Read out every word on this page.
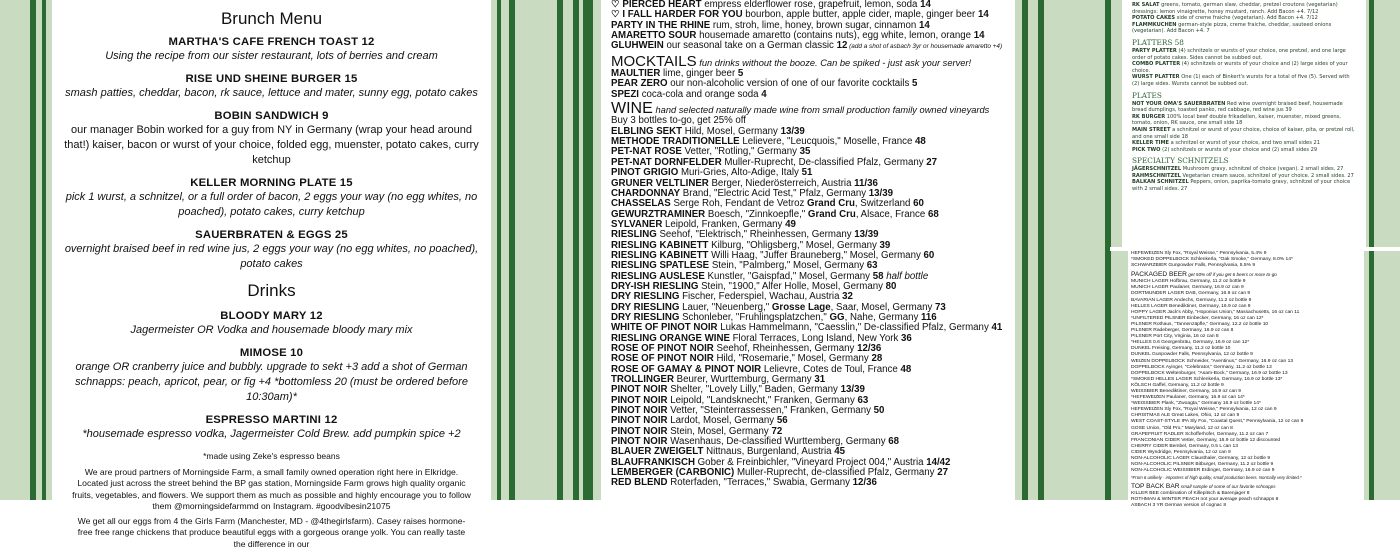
Brunch Menu
MARTHA'S CAFE FRENCH TOAST 12
Using the recipe from our sister restaurant, lots of berries and cream
RISE UND SHEINE BURGER 15
smash patties, cheddar, bacon, rk sauce, lettuce and mater, sunny egg, potato cakes
BOBIN SANDWICH 9
our manager Bobin worked for a guy from NY in Germany (wrap your head around that!) kaiser, bacon or wurst of your choice, folded egg, muenster, potato cakes, curry ketchup
KELLER MORNING PLATE 15
pick 1 wurst, a schnitzel, or a full order of bacon, 2 eggs your way (no egg whites, no poached), potato cakes, curry ketchup
SAUERBRATEN & EGGS 25
overnight braised beef in red wine jus, 2 eggs your way (no egg whites, no poached), potato cakes
Drinks
BLOODY MARY 12
Jagermeister OR Vodka and housemade bloody mary mix
MIMOSE 10
orange OR cranberry juice and bubbly. upgrade to sekt +3 add a shot of German schnapps: peach, apricot, pear, or fig +4 *bottomless 20 (must be ordered before 10:30am)*
ESPRESSO MARTINI 12
*housemade espresso vodka, Jagermeister Cold Brew. add pumpkin spice +2
*made using Zeke's espresso beans
We are proud partners of Morningside Farm, a small family owned operation right here in Elkridge. Located just across the street behind the BP gas station, Morningside Farm grows high quality organic fruits, vegetables, and flowers. We support them as much as possible and highly encourage you to follow them @morningsidefarmmd on Instagram. #goodvibesin21075
We get all our eggs from 4 the Girls Farm (Manchester, MD - @4thegirlsfarm). Casey raises hormone-free free range chickens that produce beautiful eggs with a gorgeous orange yolk. You can really taste the difference in our
♡ PIERCED HEART empress elderflower rose, grapefruit, lemon, soda 14
♡ I FALL HARDER FOR YOU bourbon, apple butter, apple cider, maple, ginger beer 14
PARTY IN THE RHINE rum, stroh, lime, honey, brown sugar, cinnamon 14
AMARETTO SOUR housemade amaretto (contains nuts), egg white, lemon, orange 14
GLUHWEIN our seasonal take on a German classic 12 (add a shot of asbach 3yr or housemade amaretto +4)
MOCKTAILS fun drinks without the booze. Can be spiked - just ask your server!
MAULTIER lime, ginger beer 5
PEAR ZERO our non-alcoholic version of one of our favorite cocktails 5
SPEZI coca-cola and orange soda 4
WINE hand selected naturally made wine from small production family owned vineyards
Buy 3 bottles to-go, get 25% off
ELBLING SEKT Hild, Mosel, Germany 13/39
METHODE TRADITIONELLE Lelievere, "Leucquois," Moselle, France 48
PET-NAT ROSE Vetter, "Rotling," Germany 35
PET-NAT DORNFELDER Muller-Ruprecht, De-classified Pfalz, Germany 27
PINOT GRIGIO Muri-Gries, Alto-Adige, Italy 51
GRUNER VELTLINER Berger, Niederösterreich, Austria 11/36
CHARDONNAY Brand, "Electric Acid Test," Pfalz, Germany 13/39
CHASSELAS Serge Roh, Fendant de Vetroz Grand Cru, Switzerland 60
GEWURZTRAMINER Boesch, "Zinnkoepfle," Grand Cru, Alsace, France 68
SYLVANER Leipold, Franken, Germany 49
RIESLING Seehof, "Elektrisch," Rheinhessen, Germany 13/39
RIESLING KABINETT Kilburg, "Ohligsberg," Mosel, Germany 39
RIESLING KABINETT Willi Haag, "Juffer Brauneberg," Mosel, Germany 60
RIESLING SPATLESE Stein, "Palmberg," Mosel, Germany 63
RIESLING AUSLESE Kunstler, "Gaispfad," Mosel, Germany 58 half bottle
DRY-ISH RIESLING Stein, "1900," Alfer Holle, Mosel, Germany 80
DRY RIESLING Fischer, Federspiel, Wachau, Austria 32
DRY RIESLING Lauer, "Neuenberg," Grosse Lage, Saar, Mosel, Germany 73
DRY RIESLING Schonleber, "Fruhlingsplatzchen," GG, Nahe, Germany 116
WHITE OF PINOT NOIR Lukas Hammelmann, "Caesslin," De-classified Pfalz, Germany 41
RIESLING ORANGE WINE Floral Terraces, Long Island, New York 36
ROSE OF PINOT NOIR Seehof, Rheinhessen, Germany 12/36
ROSE OF PINOT NOIR Hild, "Rosemarie," Mosel, Germany 28
ROSE OF GAMAY & PINOT NOIR Lelievre, Cotes de Toul, France 48
TROLLINGER Beurer, Wurttemburg, Germany 31
PINOT NOIR Shelter, "Lovely Lilly," Baden, Germany 13/39
PINOT NOIR Leipold, "Landsknecht," Franken, Germany 63
PINOT NOIR Vetter, "Steinterrassessen," Franken, Germany 50
PINOT NOIR Lardot, Mosel, Germany 56
PINOT NOIR Stein, Mosel, Germany 72
PINOT NOIR Wasenhaus, De-classified Wurttemberg, Germany 68
BLAUER ZWEIGELT Nittnaus, Burgenland, Austria 45
BLAUFRANKISCH Gober & Freinbichler, "Vineyard Project 004," Austria 14/42
LEMBERGER (CARBONIC) Muller-Ruprecht, de-classified Pfalz, Germany 27
RED BLEND Roterfaden, "Terraces," Swabia, Germany 12/36
RK SALAT greens, tomato, german slaw, cheddar, pretzel croutons (vegetarian) dressings: lemon vinaigrette, honey mustard, ranch. Add Bacon +4. 7/12
POTATO CAKES side of creme fraiche (vegetarian). Add Bacon +4. 7/12
FLAMMKUCHEN german-style pizza, creme fraiche, cheddar, sauteed onions (vegetarian). Add Bacon +4. 7
PLATTERS 58
PARTY PLATTER (4) schnitzels or wursts of your choice, one pretzel, and one large order of potato cakes. Sides cannot be subbed out.
COMBO PLATTER (4) schnitzels or wursts of your choice and (2) large sides of your choice.
WURST PLATTER One (1) each of Binkert's wursts for a total of five (5). Served with (2) large sides. Wursts cannot be subbed out.
PLATES
NOT YOUR OMA'S SAUERBRATEN Red wine overnight braised beef, housemade bread dumplings, toasted panko, red cabbage, red wine jus 39
RK BURGER 100% local beef double frikadellen, kaiser, muenster, mixed greens, tomato, onion, RK sauce, one small side 18
MAIN STREET a schnitzel or wurst of your choice, choice of kaiser, pita, or pretzel roll, and one small side 18
KELLER TIME a schnitzel or wurst of your choice, and two small sides 21
PICK TWO (2) schnitzels or wursts of your choice and (2) small sides 29
SPECIALTY SCHNITZELS
JÄGERSCHNITZEL Mushroom gravy, schnitzel of choice (vegan). 2 small sides. 27
RAHMSCHNITZEL Vegetarian cream sauce, schnitzel of your choice. 2 small sides. 27
BALKAN SCHNITZEL Peppers, onion, paprika-tomato gravy, schnitzel of your choice with 2 small sides. 27
HEFEWEIZEN Sly Fox, "Royal Weisse," Pennsylvania, 5.4% 9
*SMOKED DOPPELBOCK Schlenkerla, "Oak Smoke," Germany, 8.0% 14*
SCHWARZBIER Gunpowder Falls, Pennsylvania, 5.5% 9
PACKAGED BEER get 50% off if you get 6 beers or more to-go
MUNICH LAGER Hofbrau, Germany, 11.2 oz bottle 9
MUNICH LAGER Paulaner, Germany, 16.9 oz can 9
DORTMUNDER LAGER DAB, Germany, 16.9 oz can 9
BAVARIAN LAGER Andechs, Germany, 11.2 oz bottle 9
HELLES LAGER Benediktiner, Germany, 16.9 oz can 9
HOPPY LAGER Jack's Abby, "Hoponius Union," Massachusetts, 16 oz can 11
*UNFILTERED PILSNER Einbecker, Germany, 16 oz can 12*
PILSNER Rothaus, "Tannenzäpfle," Germany, 12.2 oz bottle 10
PILSNER Radeberger, Germany, 16.9 oz can 8
PILSNER Port City, Virginia, 16 oz can 8
*HELLES 0.6 Georgenbräu, Germany, 16.9 oz can 12*
DUNKEL Freising, Germany, 11.2 oz bottle 10
DUNKEL Gunpowder Falls, Pennsylvania, 12 oz bottle 9
WEIZEN DOPPELBOCK Schneider, "Aventinus," Germany, 16.9 oz can 13
DOPPELBOCK Ayinger, "Celebrator," Germany, 11.2 oz bottle 13
DOPPELBOCK Weltenburger, "Asam-Bock," Germany, 16.9 oz bottle 13
*SMOKED HELLES LAGER Schlenkerla, Germany, 16.9 oz bottle 13*
KÖLSCH Gaffel, Germany, 11.2 oz bottle 9
WEISSBIER Benediktiner, Germany, 16.9 oz can 9
*HEFEWEIZEN Paulaner, Germany, 16.9 oz can 14*
*WEISSBIER Plank, "Zwoagta," Germany 16.9 oz bottle 14*
HEFEWEIZEN Sly Fox, "Royal Weisse," Pennsylvania, 12 oz can 9
CHRISTMAS ALE Great Lakes, Ohio, 12 oz can 9
WEST COAST-STYLE IPA Sly Fox, "Coastal Quest," Pennsylvania, 12 oz can 9
GOSE Union, "Old Pro," Maryland, 12 oz can 8
GRAPEFRUIT RADLER Schofferhofer, Germany, 11.2 oz can 7
FRANCONIAN CIDER Vetter, Germany, 16.9 oz bottle 12 discounted
CHERRY CIDER Bembel, Germany, 0.5 L can 13
CIDER Wyndridge, Pennsylvania, 12 oz can 9
NON-ALCOHOLIC LAGER Clausthaler, Germany, 12 oz bottle 9
NON-ALCOHOLIC PILSNER Bitburger, Germany, 11.2 oz bottle 9
NON-ALCOHOLIC WEISSBIER Erdinger, Germany, 16.9 oz can 9
*From 6 unlikely - importers of high quality, small production beers. Normally very limited.*
TOP BACK BAR small sample of some of our favorite schnapps
KILLER BEE combination of Killepitsch & Barenjager 8
ROTHMAN & WINTER PEACH not your average peach schnapps 8
ASBACH 3 YR German version of cognac 8
